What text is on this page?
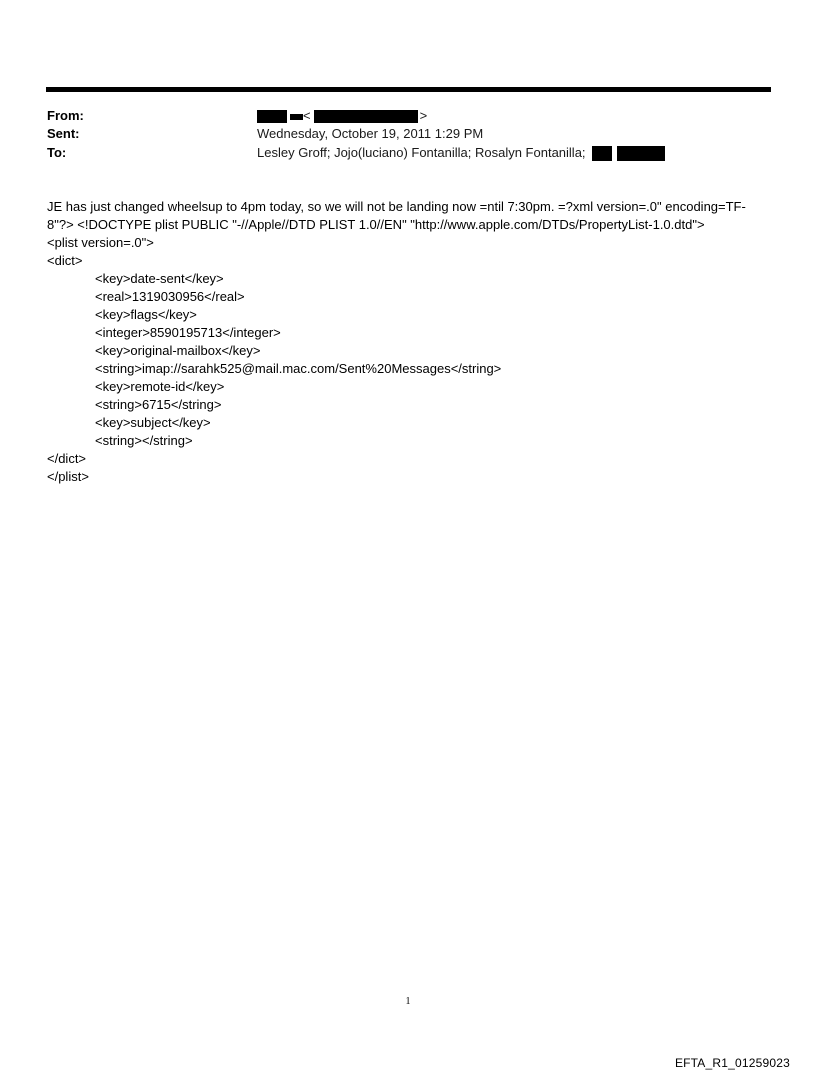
From:	<	>
Sent:	Wednesday, October 19, 2011 1:29 PM
To:	Lesley Groff; Jojo(luciano) Fontanilla; Rosalyn Fontanilla;
JE has just changed wheelsup to 4pm today, so we will not be landing now =ntil 7:30pm. =?xml version=.0" encoding=TF-
8"?> <!DOCTYPE plist PUBLIC "-//Apple//DTD PLIST 1.0//EN" "http://www.apple.com/DTDs/PropertyList-1.0.dtd">
<plist version=.0">
<dict>
<key>date-sent</key>
<real>1319030956</real>
<key>flags</key>
<integer>8590195713</integer>
<key>original-mailbox</key>
<string>imap://sarahk525@mail.mac.com/Sent%20Messages</string>
<key>remote-id</key>
<string>6715</string>
<key>subject</key>
<string></string>
</dict>
</plist>
1
EFTA_R1_01259023
